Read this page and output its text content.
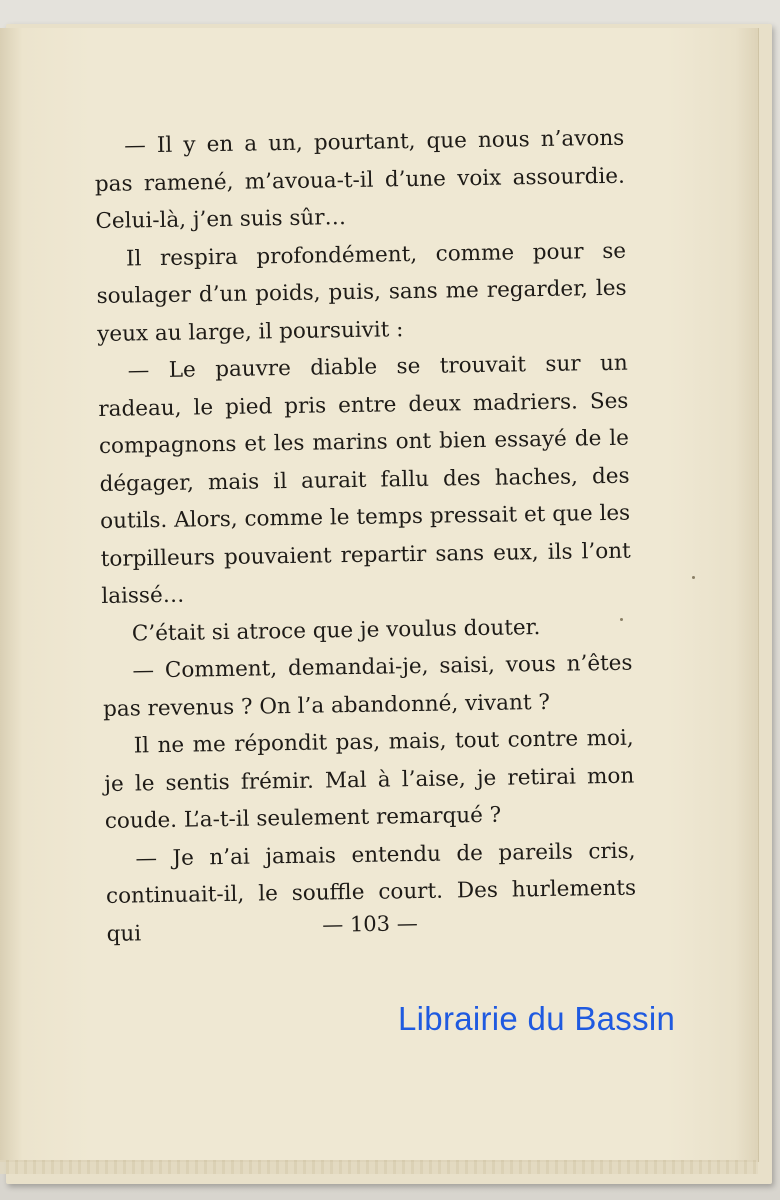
— Il y en a un, pourtant, que nous n’avons pas ramené, m’avoua-t-il d’une voix assourdie. Celui-là, j’en suis sûr…

Il respira profondément, comme pour se soulager d’un poids, puis, sans me regarder, les yeux au large, il poursuivit :

— Le pauvre diable se trouvait sur un radeau, le pied pris entre deux madriers. Ses compagnons et les marins ont bien essayé de le dégager, mais il aurait fallu des haches, des outils. Alors, comme le temps pressait et que les torpilleurs pouvaient repartir sans eux, ils l’ont laissé…

C’était si atroce que je voulus douter.

— Comment, demandai-je, saisi, vous n’êtes pas revenus ? On l’a abandonné, vivant ?

Il ne me répondit pas, mais, tout contre moi, je le sentis frémir. Mal à l’aise, je retirai mon coude. L’a-t-il seulement remarqué ?

— Je n’ai jamais entendu de pareils cris, continuait-il, le souffle court. Des hurlements qui	— 103 —
Librairie du Bassin
